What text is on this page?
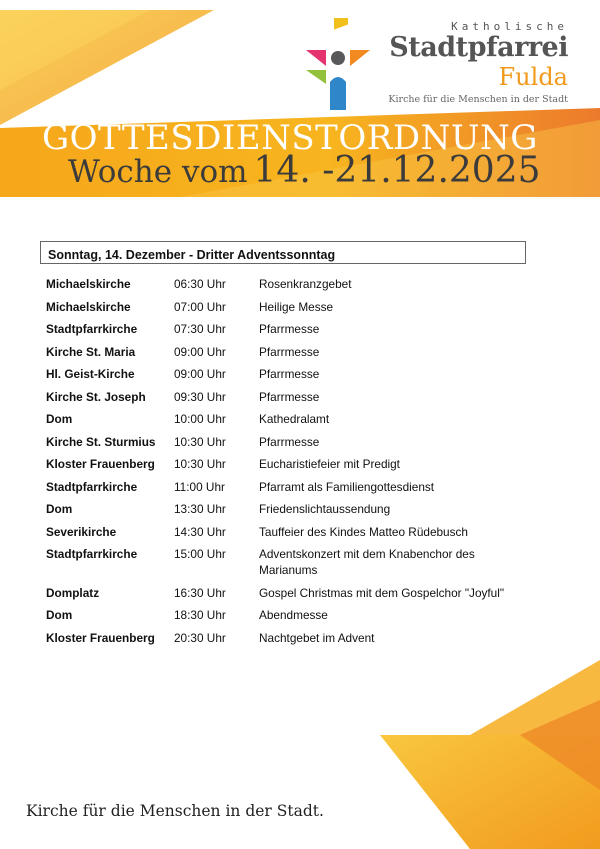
Katholische
Stadtpfarrei
Fulda
Kirche für die Menschen in der Stadt
GOTTESDIENSTORDNUNG
Woche vom 14. -21.12.2025
Sonntag, 14. Dezember - Dritter Adventssonntag
Michaelskirche	06:30 Uhr	Rosenkranzgebet
Michaelskirche	07:00 Uhr	Heilige Messe
Stadtpfarrkirche	07:30 Uhr	Pfarrmesse
Kirche St. Maria	09:00 Uhr	Pfarrmesse
Hl. Geist-Kirche	09:00 Uhr	Pfarrmesse
Kirche St. Joseph	09:30 Uhr	Pfarrmesse
Dom	10:00 Uhr	Kathedralamt
Kirche St. Sturmius	10:30 Uhr	Pfarrmesse
Kloster Frauenberg	10:30 Uhr	Eucharistiefeier mit Predigt
Stadtpfarrkirche	11:00 Uhr	Pfarramt als Familiengottesdienst
Dom	13:30 Uhr	Friedenslichtaussendung
Severikirche	14:30 Uhr	Tauffeier des Kindes Matteo Rüdebusch
Stadtpfarrkirche	15:00 Uhr	Adventskonzert mit dem Knabenchor des Marianums
Domplatz	16:30 Uhr	Gospel Christmas mit dem Gospelchor "Joyful"
Dom	18:30 Uhr	Abendmesse
Kloster Frauenberg	20:30 Uhr	Nachtgebet im Advent
Kirche für die Menschen in der Stadt.
